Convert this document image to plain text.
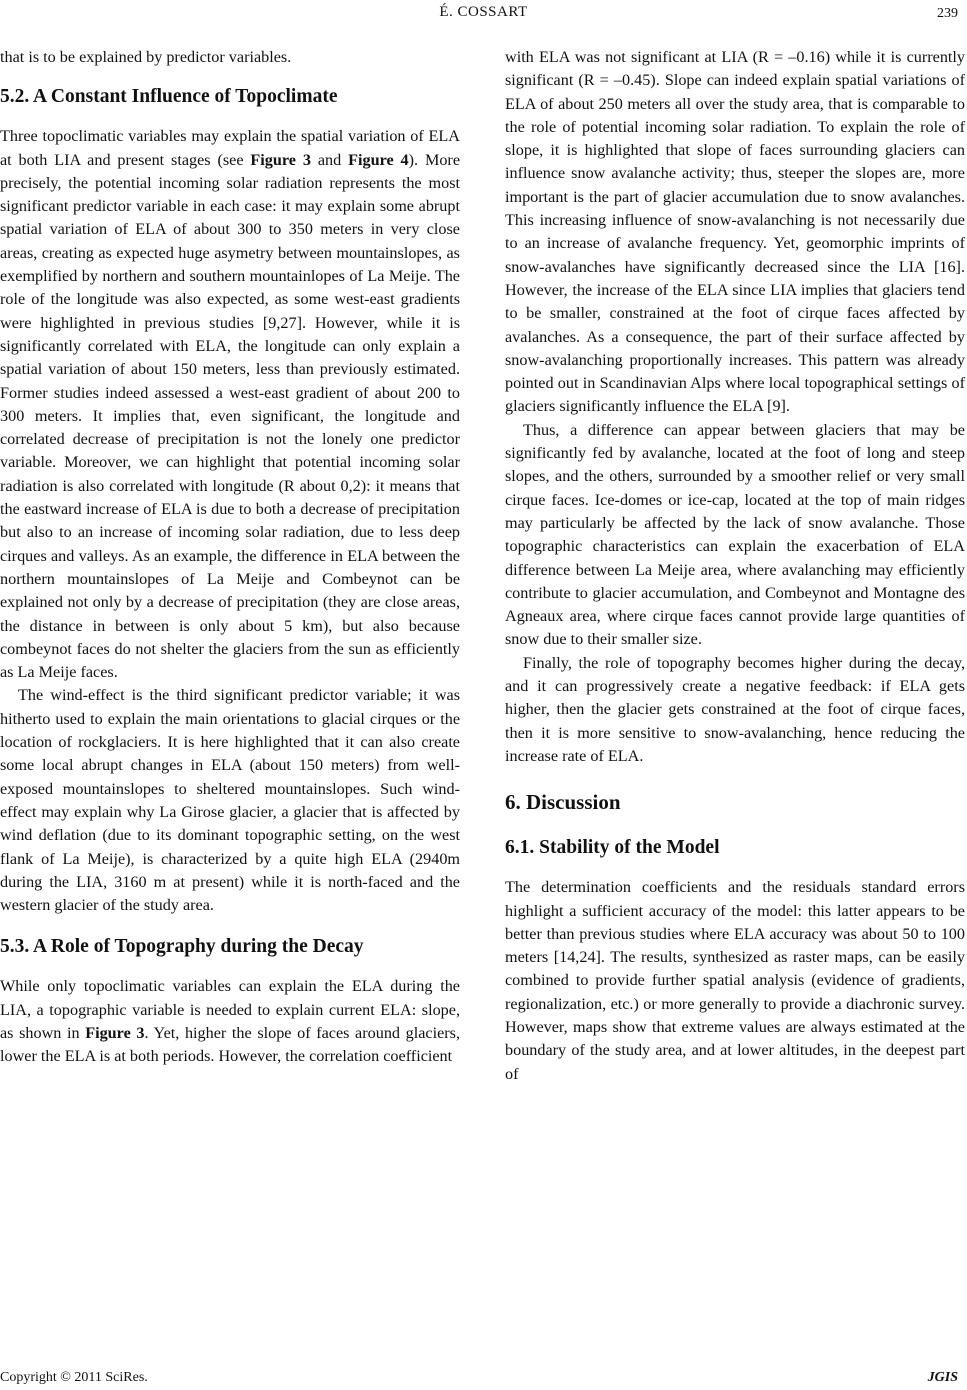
É. COSSART	239

that is to be explained by predictor variables.

5.2. A Constant Influence of Topoclimate

Three topoclimatic variables may explain the spatial variation of ELA at both LIA and present stages (see Figure 3 and Figure 4). More precisely, the potential incoming solar radiation represents the most significant predictor variable in each case: it may explain some abrupt spatial variation of ELA of about 300 to 350 meters in very close areas, creating as expected huge asymetry between mountainslopes, as exemplified by northern and southern mountainlopes of La Meije. The role of the longitude was also expected, as some west-east gradients were highlighted in previous studies [9,27]. However, while it is significantly correlated with ELA, the longitude can only explain a spatial variation of about 150 meters, less than previously estimated. Former studies indeed assessed a west-east gradient of about 200 to 300 meters. It implies that, even significant, the longitude and correlated decrease of precipitation is not the lonely one predictor variable. Moreover, we can highlight that potential incoming solar radiation is also correlated with longitude (R about 0,2): it means that the eastward increase of ELA is due to both a decrease of precipitation but also to an increase of incoming solar radiation, due to less deep cirques and valleys. As an example, the difference in ELA between the northern mountainslopes of La Meije and Combeynot can be explained not only by a decrease of precipitation (they are close areas, the distance in between is only about 5 km), but also because combeynot faces do not shelter the glaciers from the sun as efficiently as La Meije faces.

The wind-effect is the third significant predictor variable; it was hitherto used to explain the main orientations to glacial cirques or the location of rockglaciers. It is here highlighted that it can also create some local abrupt changes in ELA (about 150 meters) from well-exposed mountainslopes to sheltered mountainslopes. Such wind-effect may explain why La Girose glacier, a glacier that is affected by wind deflation (due to its dominant topographic setting, on the west flank of La Meije), is characterized by a quite high ELA (2940m during the LIA, 3160 m at present) while it is north-faced and the western glacier of the study area.

5.3. A Role of Topography during the Decay

While only topoclimatic variables can explain the ELA during the LIA, a topographic variable is needed to explain current ELA: slope, as shown in Figure 3. Yet, higher the slope of faces around glaciers, lower the ELA is at both periods. However, the correlation coefficient

with ELA was not significant at LIA (R = –0.16) while it is currently significant (R = –0.45). Slope can indeed explain spatial variations of ELA of about 250 meters all over the study area, that is comparable to the role of potential incoming solar radiation. To explain the role of slope, it is highlighted that slope of faces surrounding glaciers can influence snow avalanche activity; thus, steeper the slopes are, more important is the part of glacier accumulation due to snow avalanches. This increasing influence of snow-avalanching is not necessarily due to an increase of avalanche frequency. Yet, geomorphic imprints of snow-avalanches have significantly decreased since the LIA [16]. However, the increase of the ELA since LIA implies that glaciers tend to be smaller, constrained at the foot of cirque faces affected by avalanches. As a consequence, the part of their surface affected by snow-avalanching proportionally increases. This pattern was already pointed out in Scandinavian Alps where local topographical settings of glaciers significantly influence the ELA [9].

Thus, a difference can appear between glaciers that may be significantly fed by avalanche, located at the foot of long and steep slopes, and the others, surrounded by a smoother relief or very small cirque faces. Ice-domes or ice-cap, located at the top of main ridges may particularly be affected by the lack of snow avalanche. Those topographic characteristics can explain the exacerbation of ELA difference between La Meije area, where avalanching may efficiently contribute to glacier accumulation, and Combeynot and Montagne des Agneaux area, where cirque faces cannot provide large quantities of snow due to their smaller size.

Finally, the role of topography becomes higher during the decay, and it can progressively create a negative feedback: if ELA gets higher, then the glacier gets constrained at the foot of cirque faces, then it is more sensitive to snow-avalanching, hence reducing the increase rate of ELA.

6. Discussion
6.1. Stability of the Model

The determination coefficients and the residuals standard errors highlight a sufficient accuracy of the model: this latter appears to be better than previous studies where ELA accuracy was about 50 to 100 meters [14,24]. The results, synthesized as raster maps, can be easily combined to provide further spatial analysis (evidence of gradients, regionalization, etc.) or more generally to provide a diachronic survey. However, maps show that extreme values are always estimated at the boundary of the study area, and at lower altitudes, in the deepest part of

Copyright © 2011 SciRes.	JGIS
